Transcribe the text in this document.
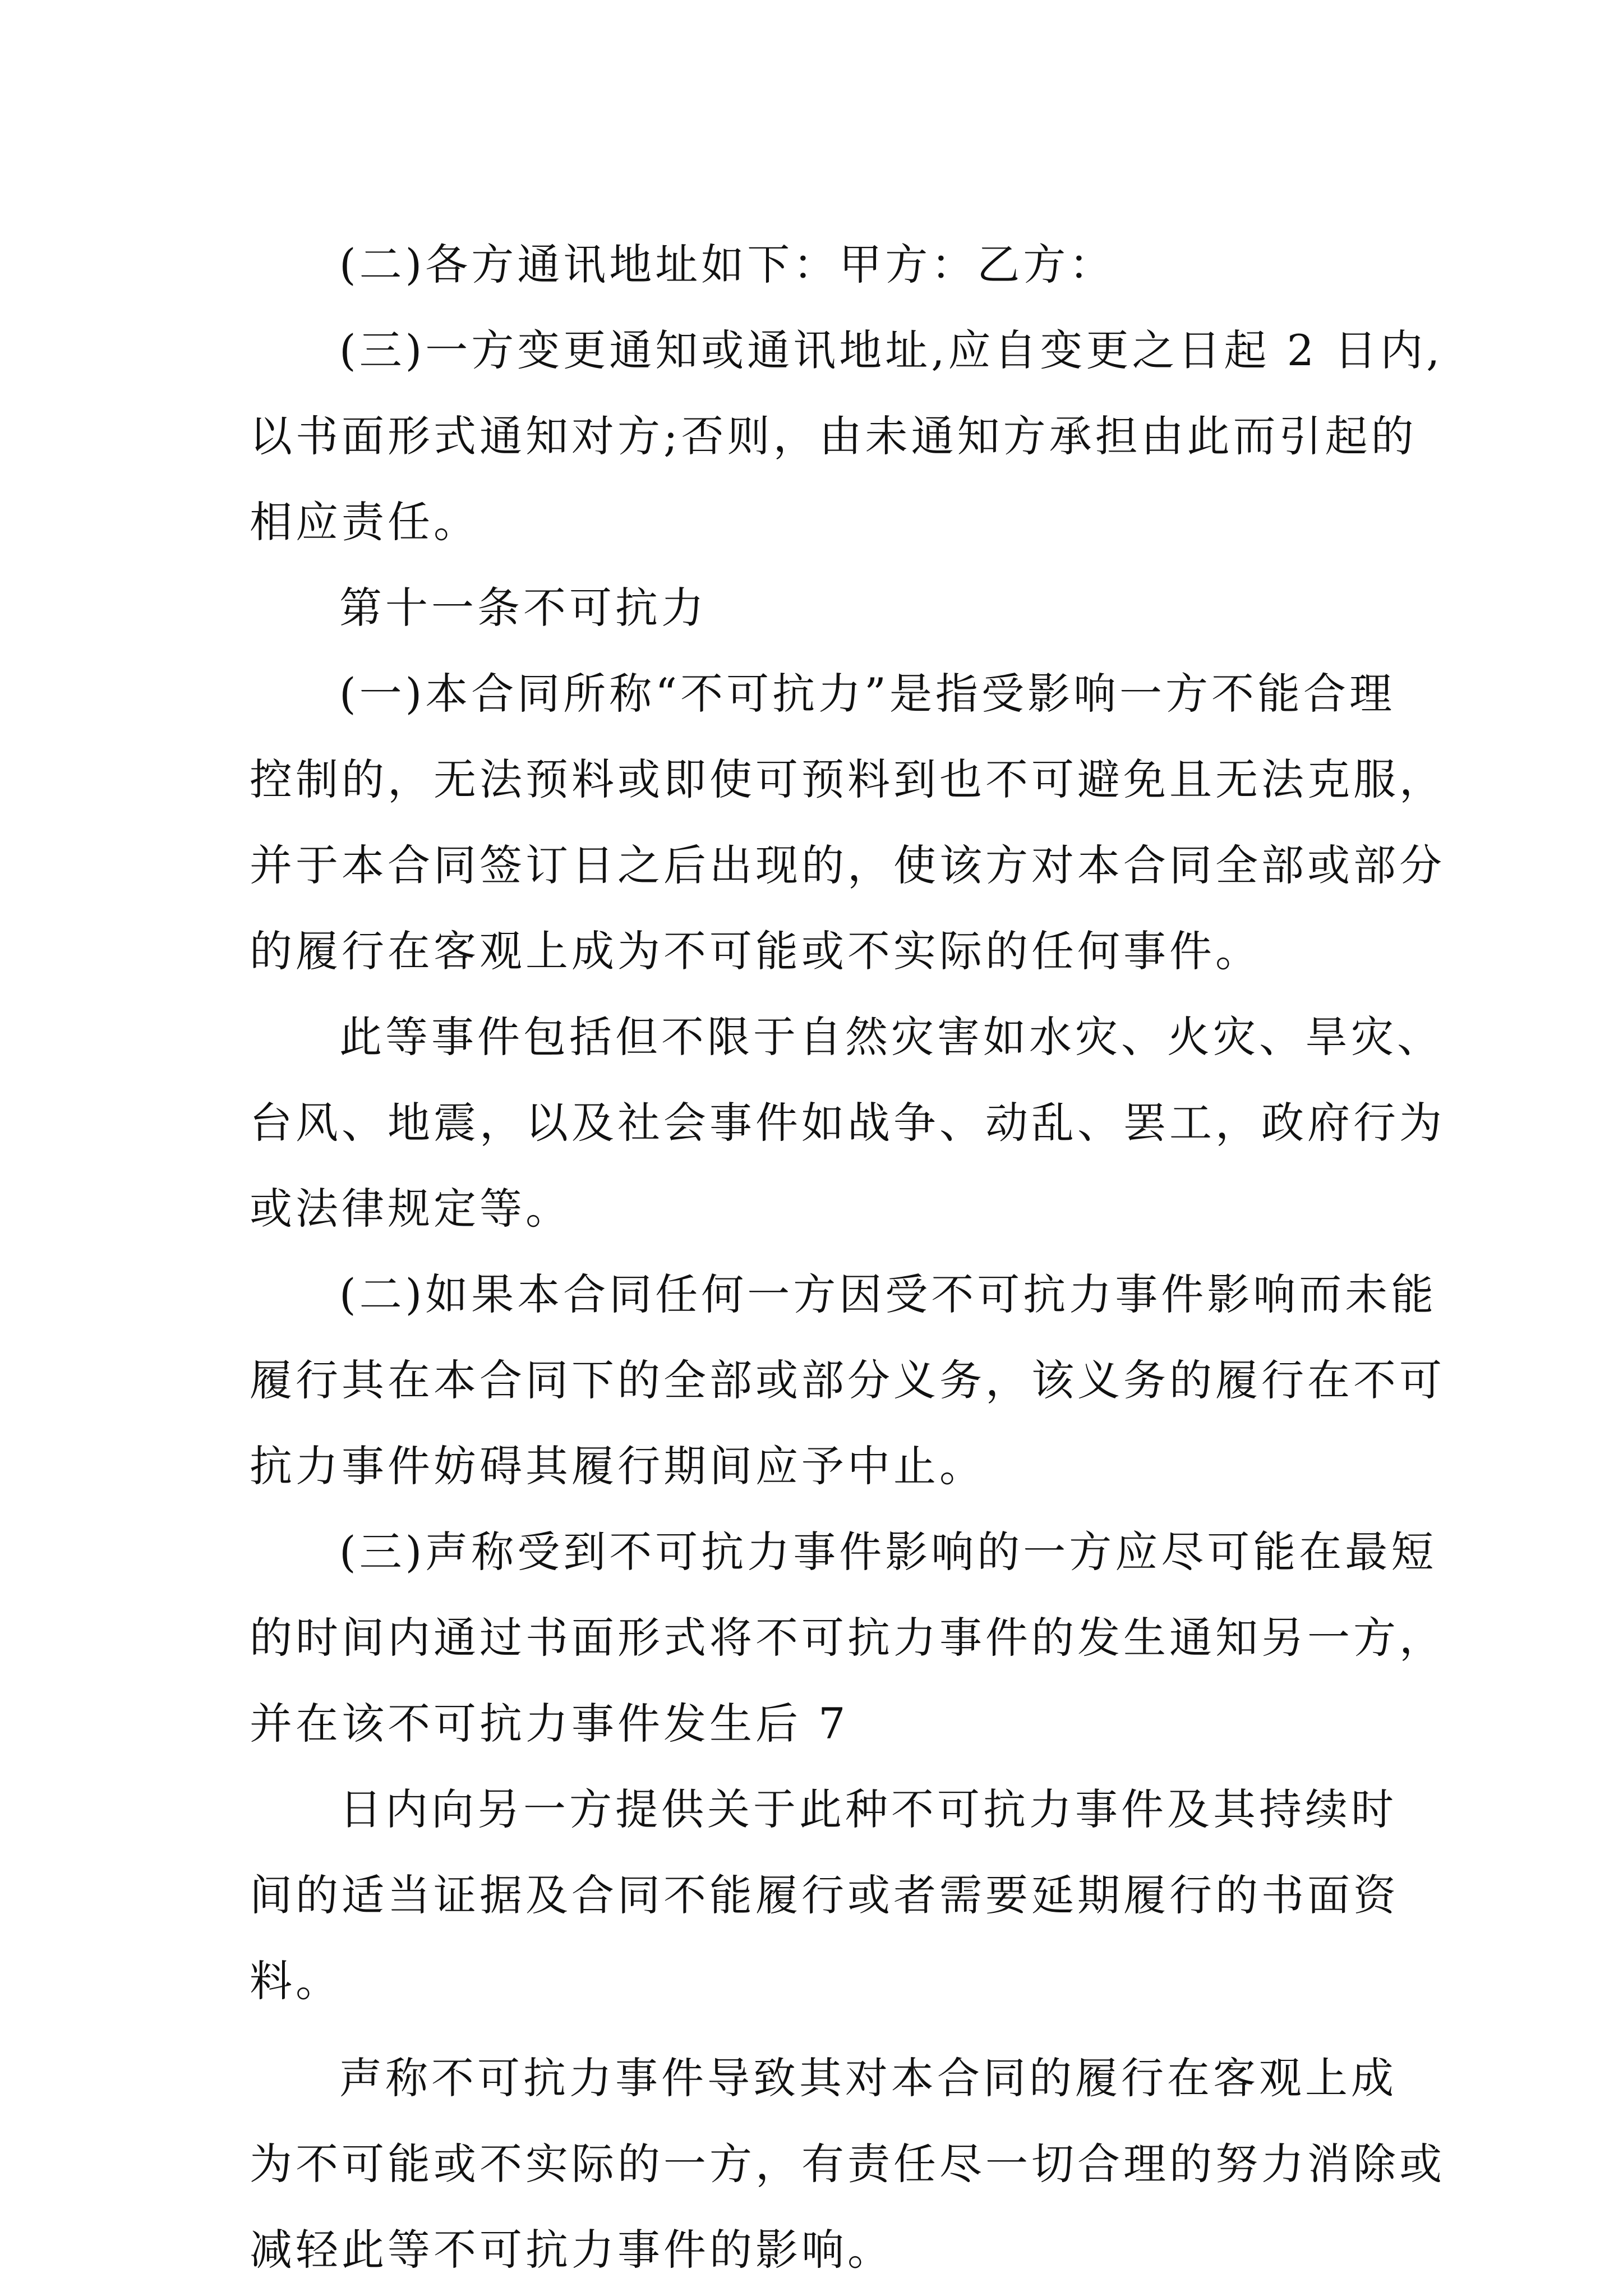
(二)各方通讯地址如下：甲方：乙方：
(三)一方变更通知或通讯地址,应自变更之日起 2 日内,
以书面形式通知对方;否则，由未通知方承担由此而引起的
相应责任。
第十一条不可抗力
(一)本合同所称“不可抗力”是指受影响一方不能合理
控制的，无法预料或即使可预料到也不可避免且无法克服，
并于本合同签订日之后出现的，使该方对本合同全部或部分
的履行在客观上成为不可能或不实际的任何事件。
此等事件包括但不限于自然灾害如水灾、火灾、旱灾、
台风、地震，以及社会事件如战争、动乱、罢工，政府行为
或法律规定等。
(二)如果本合同任何一方因受不可抗力事件影响而未能
履行其在本合同下的全部或部分义务，该义务的履行在不可
抗力事件妨碍其履行期间应予中止。
(三)声称受到不可抗力事件影响的一方应尽可能在最短
的时间内通过书面形式将不可抗力事件的发生通知另一方，
并在该不可抗力事件发生后 7
日内向另一方提供关于此种不可抗力事件及其持续时
间的适当证据及合同不能履行或者需要延期履行的书面资
料。
声称不可抗力事件导致其对本合同的履行在客观上成
为不可能或不实际的一方，有责任尽一切合理的努力消除或
减轻此等不可抗力事件的影响。
